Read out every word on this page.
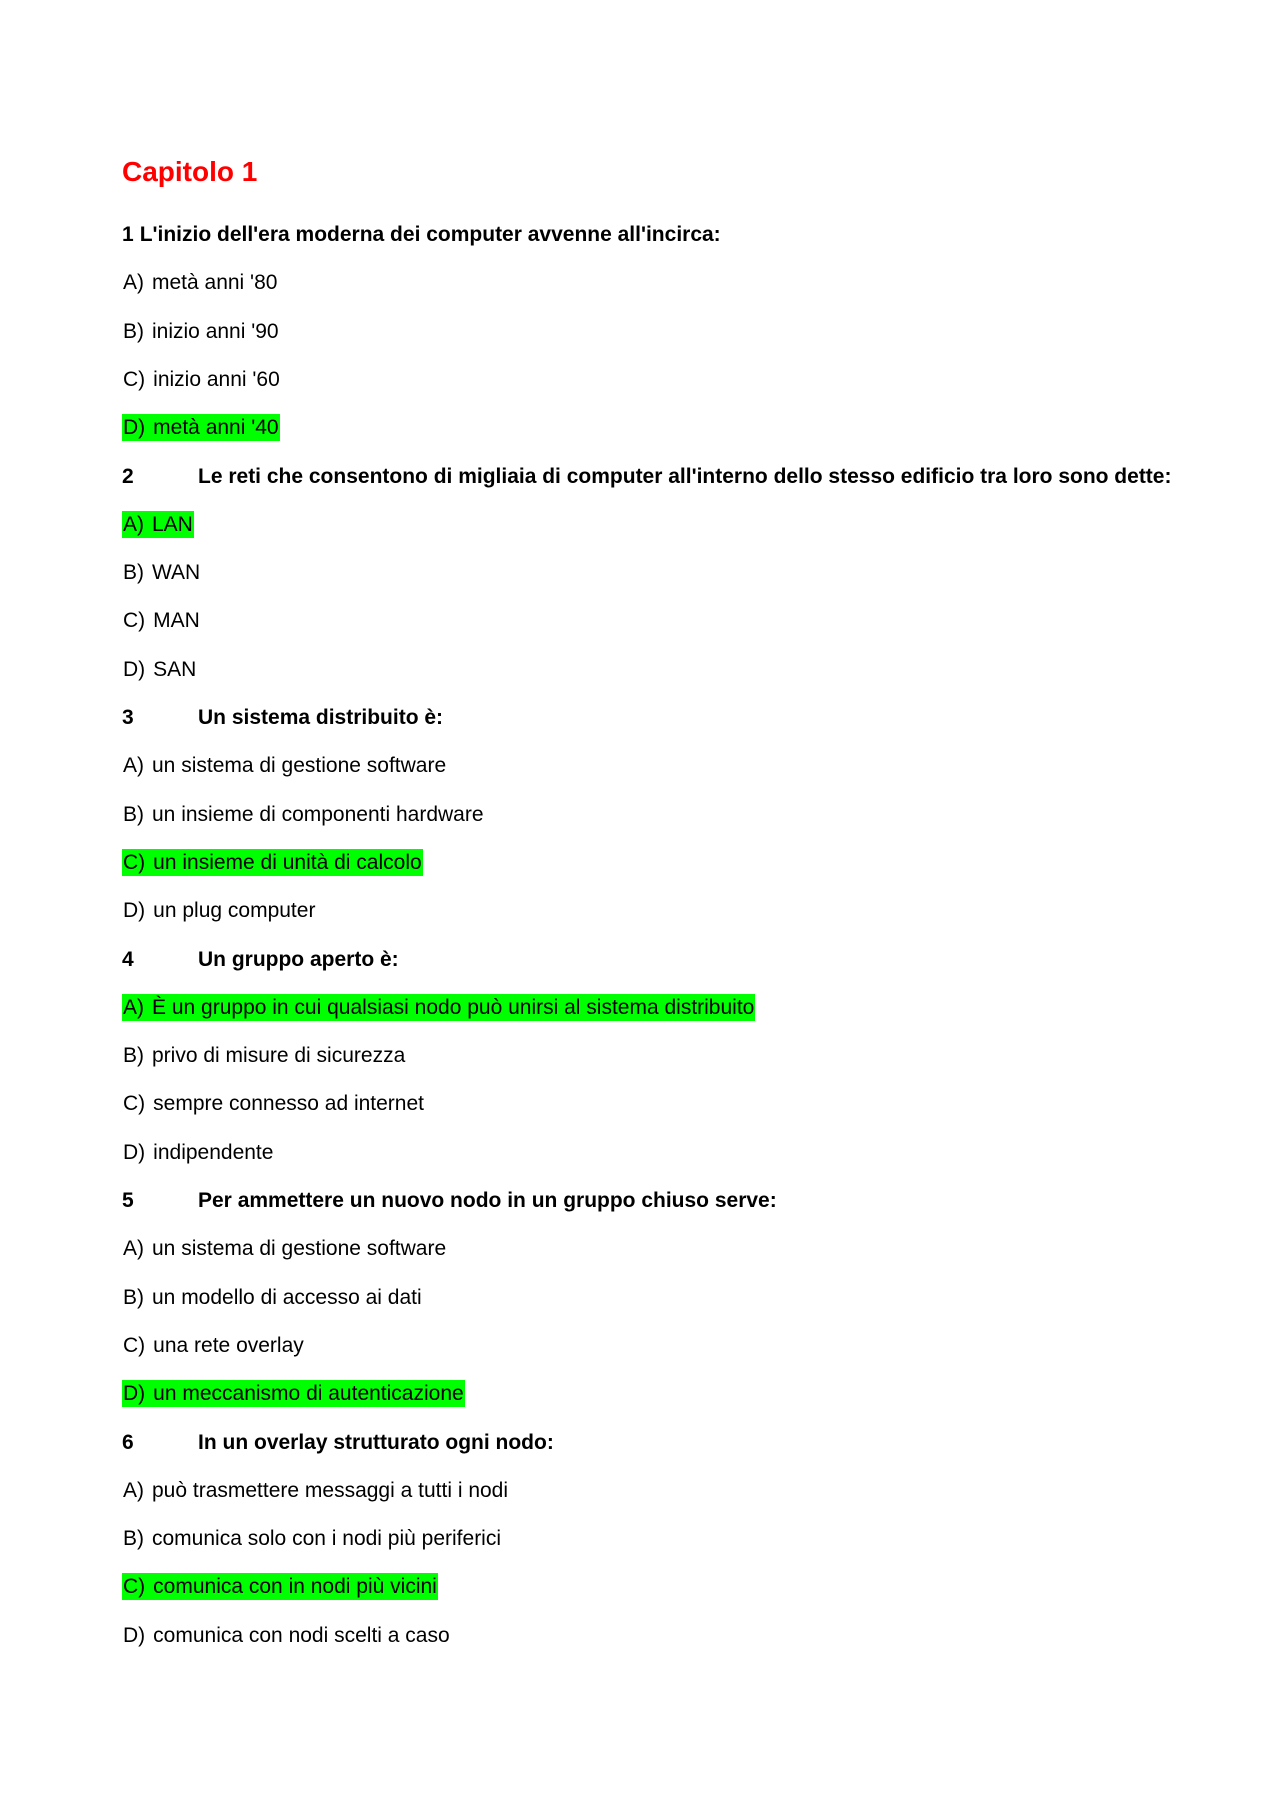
Capitolo 1
1 L'inizio dell'era moderna dei computer avvenne all'incirca:
A) metà anni '80
B) inizio anni '90
C) inizio anni '60
D) metà anni '40
2	Le reti che consentono di migliaia di computer all'interno dello stesso edificio tra loro sono dette:
A) LAN
B) WAN
C) MAN
D) SAN
3	Un sistema distribuito è:
A) un sistema di gestione software
B) un insieme di componenti hardware
C) un insieme di unità di calcolo
D) un plug computer
4	Un gruppo aperto è:
A) È un gruppo in cui qualsiasi nodo può unirsi al sistema distribuito
B) privo di misure di sicurezza
C) sempre connesso ad internet
D) indipendente
5	Per ammettere un nuovo nodo in un gruppo chiuso serve:
A) un sistema di gestione software
B) un modello di accesso ai dati
C) una rete overlay
D) un meccanismo di autenticazione
6	In un overlay strutturato ogni nodo:
A) può trasmettere messaggi a tutti i nodi
B) comunica solo con i nodi più periferici
C) comunica con in nodi più vicini
D) comunica con nodi scelti a caso
